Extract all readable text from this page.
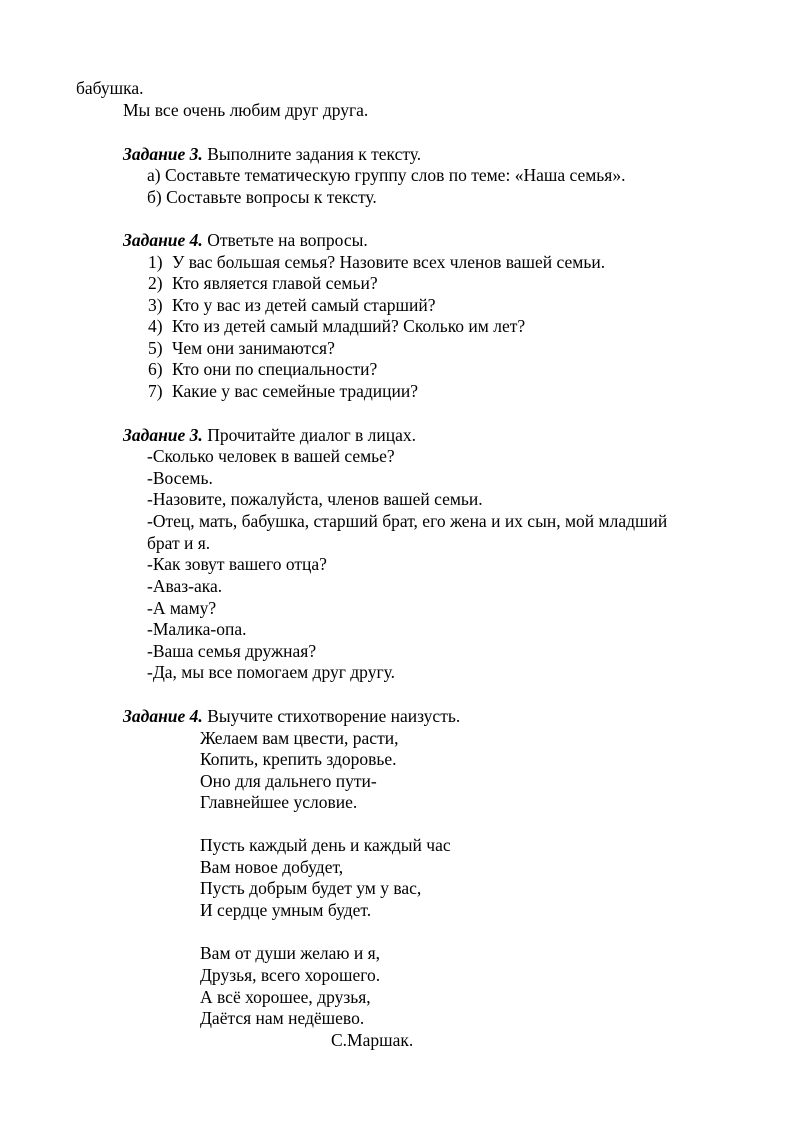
бабушка.
Мы все очень любим друг друга.
Задание 3. Выполните задания к тексту.
а) Составьте тематическую группу слов по теме: «Наша семья».
б) Составьте вопросы к тексту.
Задание 4. Ответьте на вопросы.
1) У вас большая семья? Назовите всех членов вашей семьи.
2) Кто является главой семьи?
3) Кто у вас из детей самый старший?
4) Кто из детей самый младший? Сколько им лет?
5) Чем они занимаются?
6) Кто они по специальности?
7) Какие у вас семейные традиции?
Задание 3. Прочитайте диалог в лицах.
-Сколько человек в вашей семье?
-Восемь.
-Назовите, пожалуйста, членов вашей семьи.
-Отец, мать, бабушка, старший брат, его жена и их сын, мой младший
брат и я.
-Как зовут вашего отца?
-Аваз-ака.
-А маму?
-Малика-опа.
-Ваша семья дружная?
-Да, мы все помогаем друг другу.
Задание 4. Выучите стихотворение наизусть.
Желаем вам цвести, расти,
Копить, крепить здоровье.
Оно для дальнего пути-
Главнейшее условие.
Пусть каждый день и каждый час
Вам новое добудет,
Пусть добрым будет ум у вас,
И сердце умным будет.
Вам от души желаю и я,
Друзья, всего хорошего.
А всё хорошее, друзья,
Даётся нам недёшево.
С.Маршак.
